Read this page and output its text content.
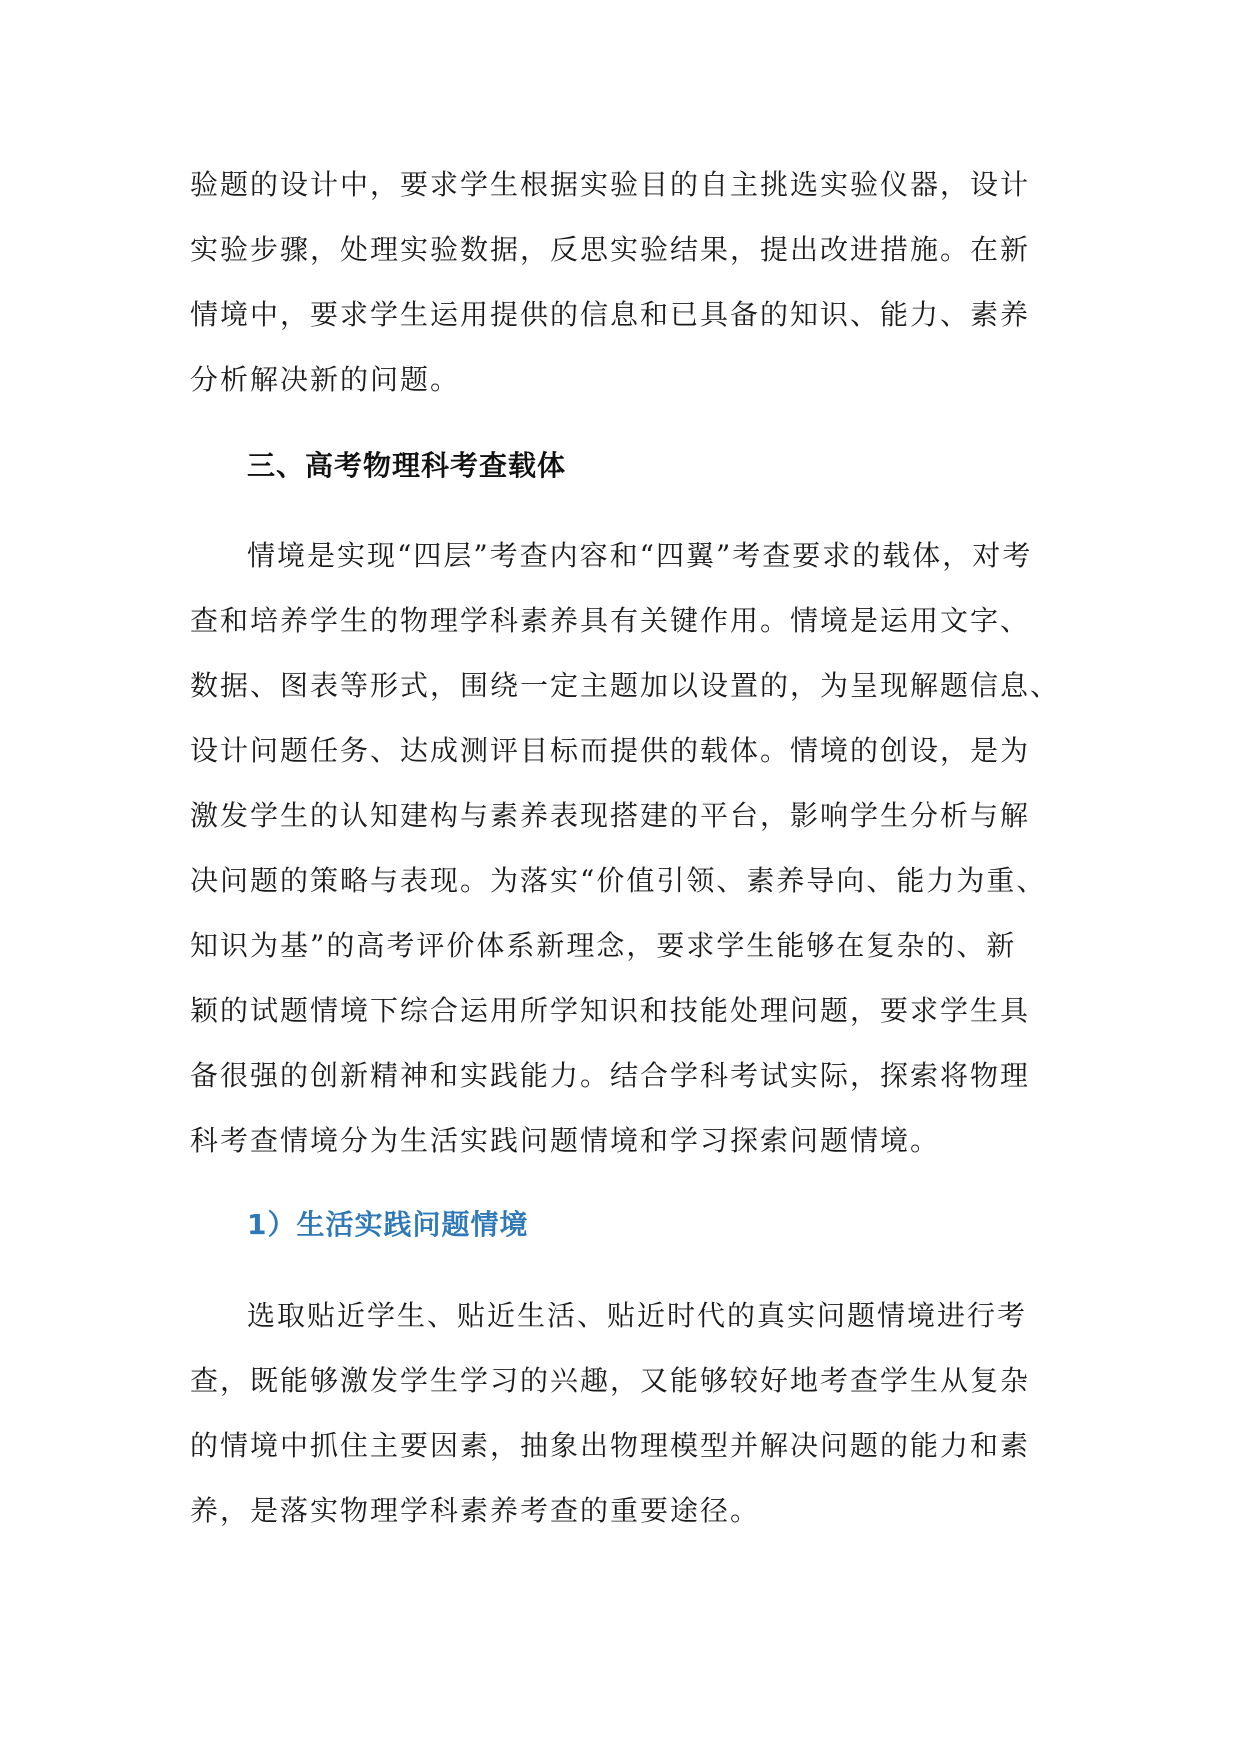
验题的设计中，要求学生根据实验目的自主挑选实验仪器，设计
实验步骤，处理实验数据，反思实验结果，提出改进措施。在新
情境中，要求学生运用提供的信息和已具备的知识、能力、素养
分析解决新的问题。
三、高考物理科考查载体
情境是实现“四层”考查内容和“四翼”考查要求的载体，对考
查和培养学生的物理学科素养具有关键作用。情境是运用文字、
数据、图表等形式，围绕一定主题加以设置的，为呈现解题信息、
设计问题任务、达成测评目标而提供的载体。情境的创设，是为
激发学生的认知建构与素养表现搭建的平台，影响学生分析与解
决问题的策略与表现。为落实“价值引领、素养导向、能力为重、
知识为基”的高考评价体系新理念，要求学生能够在复杂的、新
颖的试题情境下综合运用所学知识和技能处理问题，要求学生具
备很强的创新精神和实践能力。结合学科考试实际，探索将物理
科考查情境分为生活实践问题情境和学习探索问题情境。
1）生活实践问题情境
选取贴近学生、贴近生活、贴近时代的真实问题情境进行考
查，既能够激发学生学习的兴趣，又能够较好地考查学生从复杂
的情境中抓住主要因素，抽象出物理模型并解决问题的能力和素
养，是落实物理学科素养考查的重要途径。
